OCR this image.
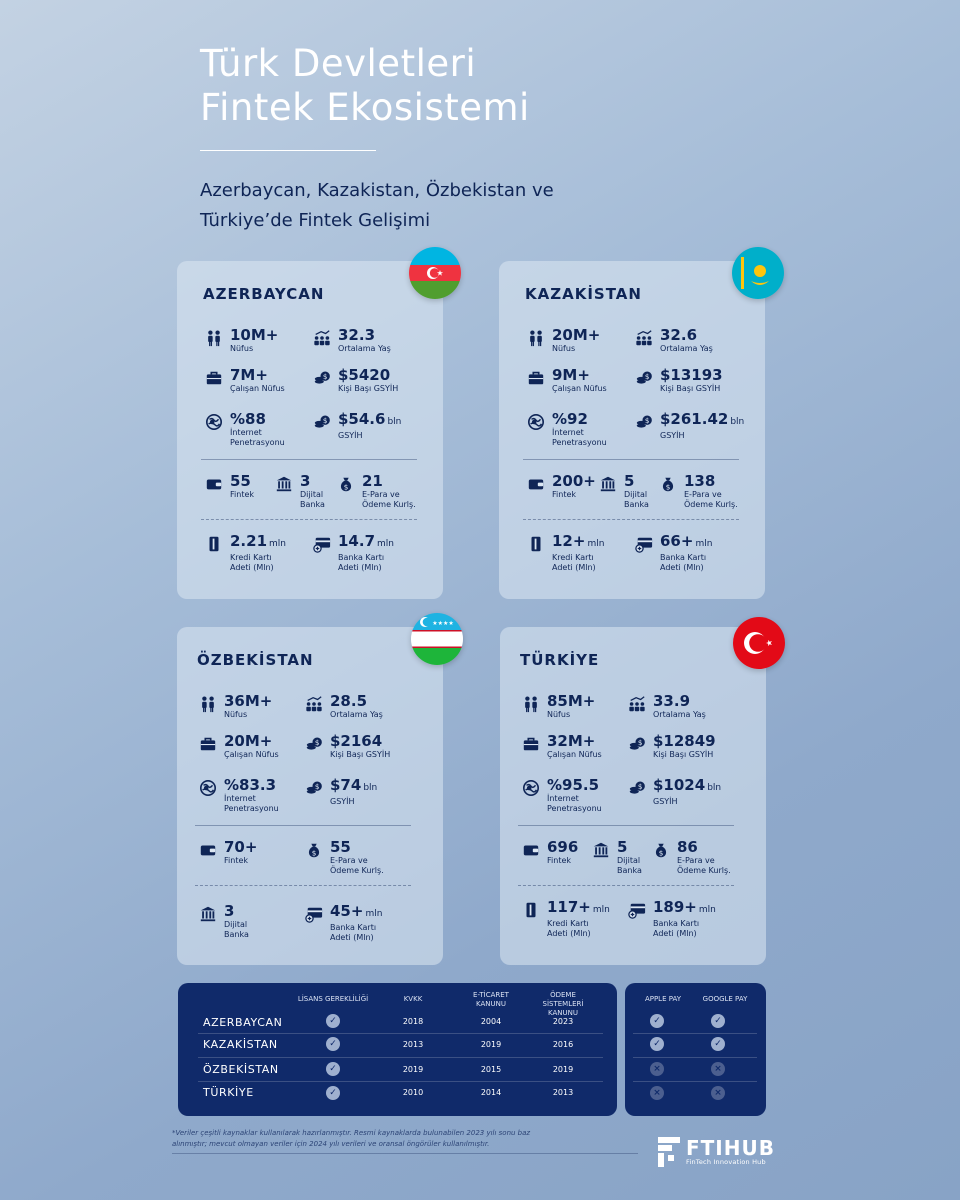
Türk Devletleri
Fintek Ekosistemi
Azerbaycan, Kazakistan, Özbekistan ve
Türkiye’de Fintek Gelişimi
AZERBAYCAN
10M+
Nüfus
32.3
Ortalama Yaş
7M+
Çalışan Nüfus
$5420
Kişi Başı GSYİH
%88
İnternet
Penetrasyonu
$54.6 bln
GSYİH
55
Fintek
3
Dijital
Banka
21
E-Para ve
Ödeme Kurlş.
2.21 mln
Kredi Kartı
Adeti (Mln)
14.7 mln
Banka Kartı
Adeti (Mln)
KAZAKİSTAN
20M+
Nüfus
32.6
Ortalama Yaş
9M+
Çalışan Nüfus
$13193
Kişi Başı GSYİH
%92
İnternet
Penetrasyonu
$261.42 bln
GSYİH
200+
Fintek
5
Dijital
Banka
138
E-Para ve
Ödeme Kurlş.
12+ mln
Kredi Kartı
Adeti (Mln)
66+ mln
Banka Kartı
Adeti (Mln)
ÖZBEKİSTAN
36M+
Nüfus
28.5
Ortalama Yaş
20M+
Çalışan Nüfus
$2164
Kişi Başı GSYİH
%83.3
İnternet
Penetrasyonu
$74 bln
GSYİH
70+
Fintek
55
E-Para ve
Ödeme Kurlş.
3
Dijital
Banka
45+ mln
Banka Kartı
Adeti (Mln)
★★★★
TÜRKİYE
85M+
Nüfus
33.9
Ortalama Yaş
32M+
Çalışan Nüfus
$12849
Kişi Başı GSYİH
%95.5
İnternet
Penetrasyonu
$1024 bln
GSYİH
696
Fintek
5
Dijital
Banka
86
E-Para ve
Ödeme Kurlş.
117+ mln
Kredi Kartı
Adeti (Mln)
189+ mln
Banka Kartı
Adeti (Mln)
LİSANS GEREKLİLİĞİ	KVKK	E-TİCARET
KANUNU
ÖDEME
SİSTEMLERİ KANUNU
AZERBAYCAN	✓	2018	2004	2023
KAZAKİSTAN	✓	2013	2019	2016
ÖZBEKİSTAN	✓	2019	2015	2019
TÜRKİYE	✓	2010	2014	2013
APPLE PAY	GOOGLE PAY
✓	✓
✓	✓
×	×
×	×
*Veriler çeşitli kaynaklar kullanılarak hazırlanmıştır. Resmi kaynaklarda bulunabilen 2023 yılı sonu baz
alınmıştır; mevcut olmayan veriler için 2024 yılı verileri ve oransal öngörüler kullanılmıştır.	FTIHUB
FinTech Innovation Hub
